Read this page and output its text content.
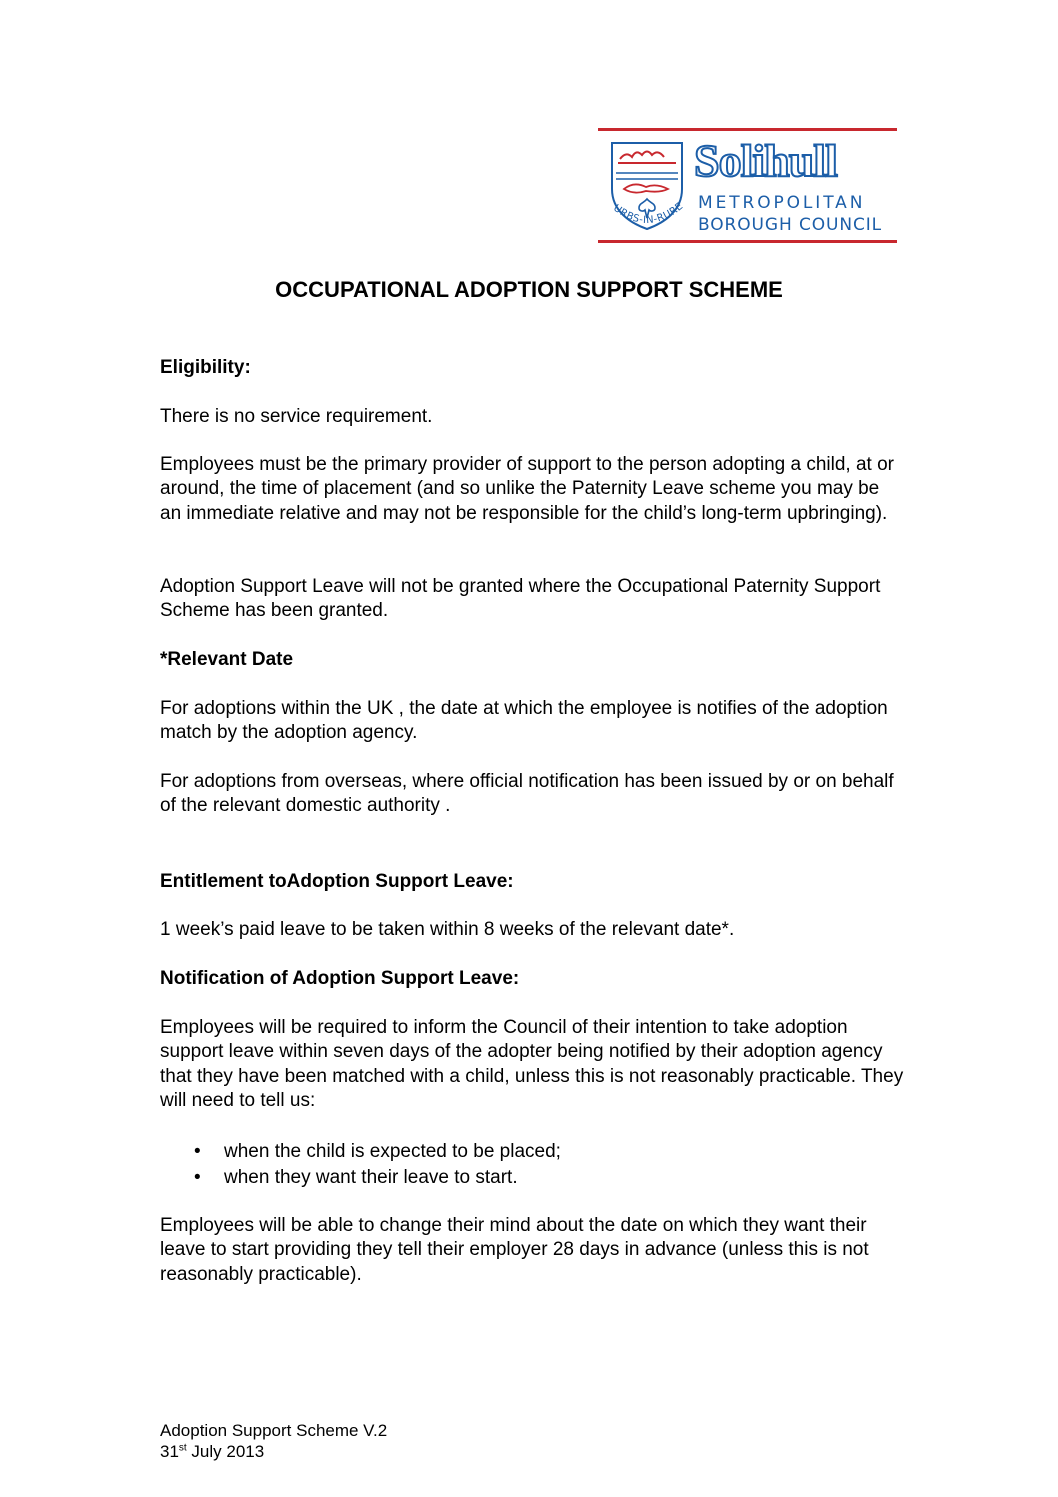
Solihull
METROPOLITAN
BOROUGH COUNCIL
URBS-IN-RURE
OCCUPATIONAL ADOPTION SUPPORT SCHEME

Eligibility:

There is no service requirement.

Employees must be the primary provider of support to the person adopting a child, at or around, the time of placement (and so unlike the Paternity Leave scheme you may be an immediate relative and may not be responsible for the child’s long-term upbringing).

Adoption Support Leave will not be granted where the Occupational Paternity Support Scheme has been granted.

*Relevant Date

For adoptions within the UK , the date at which the employee is notifies of the adoption match by the adoption agency.

For adoptions from overseas, where official notification has been issued by or on behalf of the relevant domestic authority .

Entitlement toAdoption Support Leave:

1 week’s paid leave to be taken within 8 weeks of the relevant date*.

Notification of Adoption Support Leave:

Employees will be required to inform the Council of their intention to take adoption support leave within seven days of the adopter being notified by their adoption agency that they have been matched with a child, unless this is not reasonably practicable. They will need to tell us:

• when the child is expected to be placed;
• when they want their leave to start.

Employees will be able to change their mind about the date on which they want their leave to start providing they tell their employer 28 days in advance (unless this is not reasonably practicable).

Adoption Support Scheme V.2
31st July 2013
